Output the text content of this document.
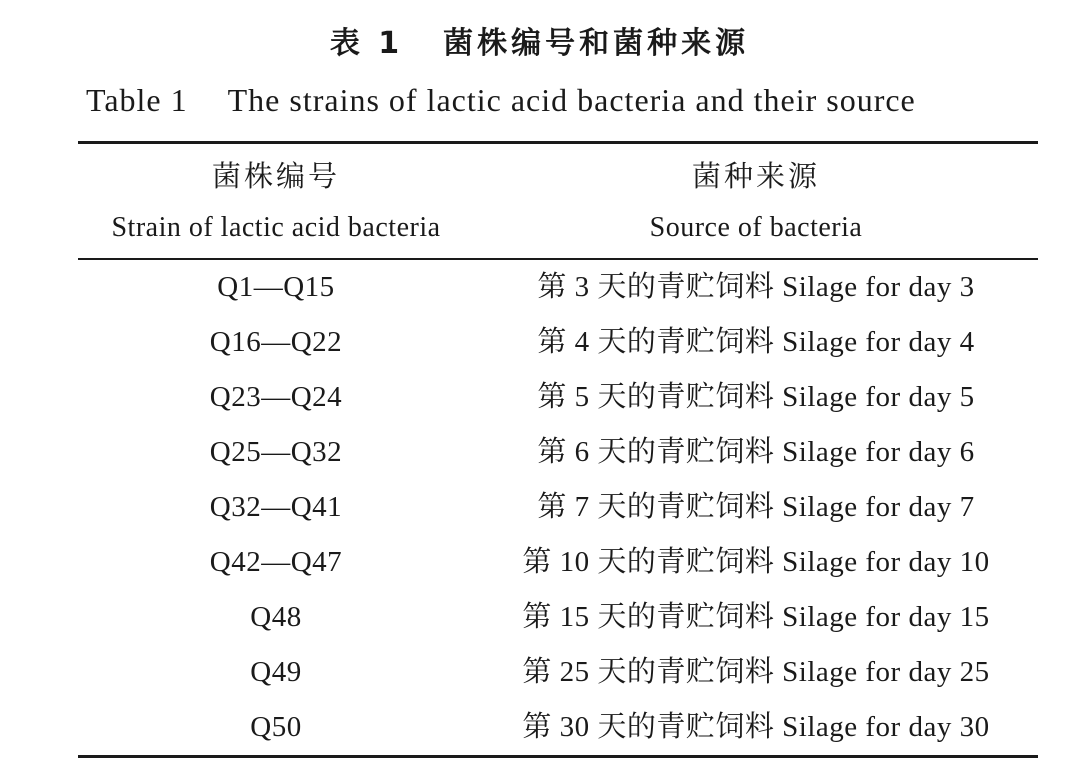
表 1 菌株编号和菌种来源
Table 1 The strains of lactic acid bacteria and their source
菌株编号	菌种来源
Strain of lactic acid bacteria	Source of bacteria
Q1—Q15	第 3 天的青贮饲料 Silage for day 3
Q16—Q22	第 4 天的青贮饲料 Silage for day 4
Q23—Q24	第 5 天的青贮饲料 Silage for day 5
Q25—Q32	第 6 天的青贮饲料 Silage for day 6
Q32—Q41	第 7 天的青贮饲料 Silage for day 7
Q42—Q47	第 10 天的青贮饲料 Silage for day 10
Q48	第 15 天的青贮饲料 Silage for day 15
Q49	第 25 天的青贮饲料 Silage for day 25
Q50	第 30 天的青贮饲料 Silage for day 30
